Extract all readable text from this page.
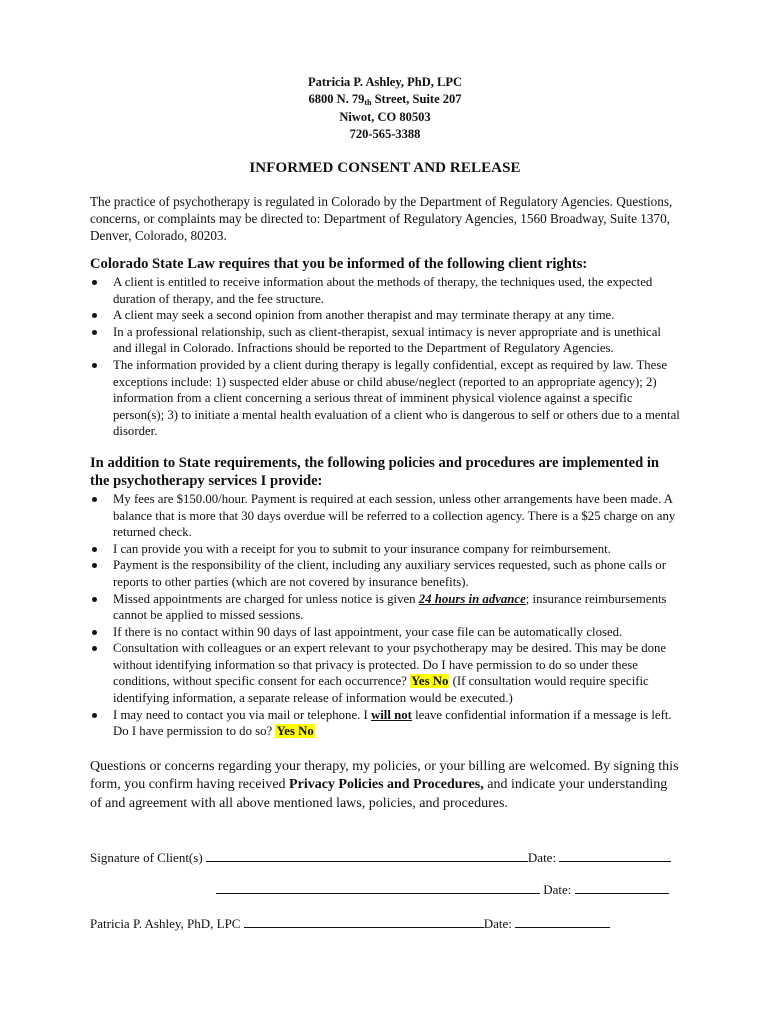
Patricia P. Ashley, PhD, LPC
6800 N. 79th Street, Suite 207
Niwot, CO 80503
720-565-3388
INFORMED CONSENT AND RELEASE
The practice of psychotherapy is regulated in Colorado by the Department of Regulatory Agencies. Questions, concerns, or complaints may be directed to: Department of Regulatory Agencies, 1560 Broadway, Suite 1370, Denver, Colorado, 80203.
Colorado State Law requires that you be informed of the following client rights:
A client is entitled to receive information about the methods of therapy, the techniques used, the expected duration of therapy, and the fee structure.
A client may seek a second opinion from another therapist and may terminate therapy at any time.
In a professional relationship, such as client-therapist, sexual intimacy is never appropriate and is unethical and illegal in Colorado. Infractions should be reported to the Department of Regulatory Agencies.
The information provided by a client during therapy is legally confidential, except as required by law. These exceptions include: 1) suspected elder abuse or child abuse/neglect (reported to an appropriate agency); 2) information from a client concerning a serious threat of imminent physical violence against a specific person(s); 3) to initiate a mental health evaluation of a client who is dangerous to self or others due to a mental disorder.
In addition to State requirements, the following policies and procedures are implemented in the psychotherapy services I provide:
My fees are $150.00/hour. Payment is required at each session, unless other arrangements have been made. A balance that is more that 30 days overdue will be referred to a collection agency. There is a $25 charge on any returned check.
I can provide you with a receipt for you to submit to your insurance company for reimbursement.
Payment is the responsibility of the client, including any auxiliary services requested, such as phone calls or reports to other parties (which are not covered by insurance benefits).
Missed appointments are charged for unless notice is given 24 hours in advance; insurance reimbursements cannot be applied to missed sessions.
If there is no contact within 90 days of last appointment, your case file can be automatically closed.
Consultation with colleagues or an expert relevant to your psychotherapy may be desired. This may be done without identifying information so that privacy is protected. Do I have permission to do so under these conditions, without specific consent for each occurrence? Yes No (If consultation would require specific identifying information, a separate release of information would be executed.)
I may need to contact you via mail or telephone. I will not leave confidential information if a message is left. Do I have permission to do so? Yes No
Questions or concerns regarding your therapy, my policies, or your billing are welcomed. By signing this form, you confirm having received Privacy Policies and Procedures, and indicate your understanding of and agreement with all above mentioned laws, policies, and procedures.
Signature of Client(s)	Date:
Date:
Patricia P. Ashley, PhD, LPC	Date:
